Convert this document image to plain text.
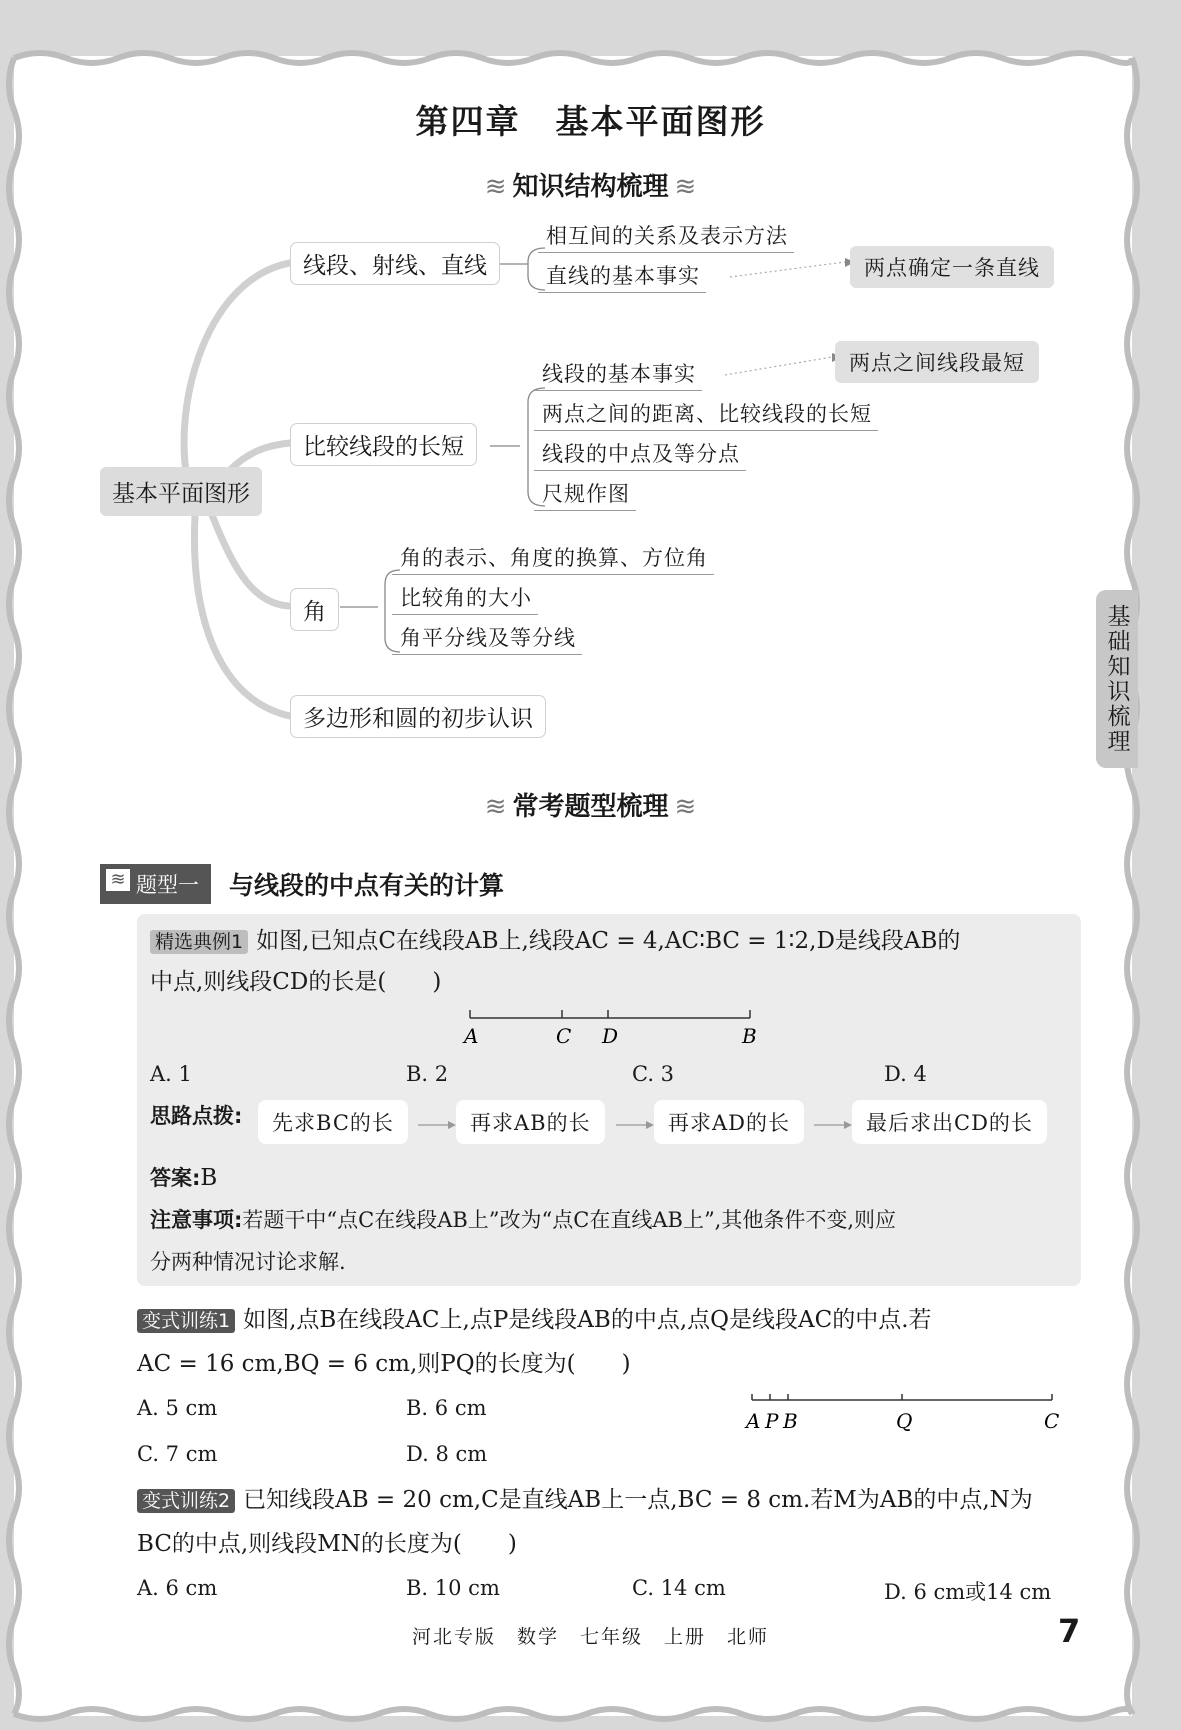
第四章　基本平面图形
≋ 知识结构梳理 ≋
基本平面图形
线段、射线、直线
相互间的关系及表示方法
直线的基本事实	两点确定一条直线
比较线段的长短
线段的基本事实
两点之间的距离、比较线段的长短
线段的中点及等分点
尺规作图
两点之间线段最短
角
角的表示、角度的换算、方位角
比较角的大小
角平分线及等分线
多边形和圆的初步认识	基础知识梳理
≋ 常考题型梳理 ≋
≋ 题型一	与线段的中点有关的计算
精选典例1 如图,已知点C在线段AB上,线段AC = 4,AC∶BC = 1∶2,D是线段AB的
中点,则线段CD的长是(　　)
A	C D	B
A. 1	B. 2	C. 3	D. 4
思路点拨:	先求BC的长	再求AB的长	再求AD的长	最后求出CD的长
答案:B
注意事项:若题干中“点C在线段AB上”改为“点C在直线AB上”,其他条件不变,则应
分两种情况讨论求解.
变式训练1 如图,点B在线段AC上,点P是线段AB的中点,点Q是线段AC的中点.若
AC = 16 cm,BQ = 6 cm,则PQ的长度为(　　)
A. 5 cm	B. 6 cm
C. 7 cm	D. 8 cm
A P B	Q	C
变式训练2 已知线段AB = 20 cm,C是直线AB上一点,BC = 8 cm.若M为AB的中点,N为
BC的中点,则线段MN的长度为(　　)
A. 6 cm	B. 10 cm	C. 14 cm	D. 6 cm或14 cm
河北专版　数学　七年级　上册　北师	7
